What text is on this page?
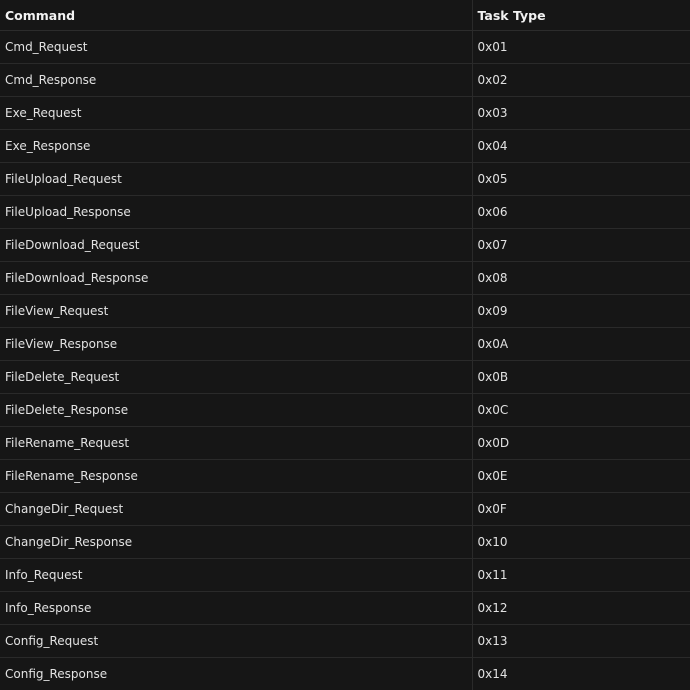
Command	Task Type
Cmd_Request	0x01
Cmd_Response	0x02
Exe_Request	0x03
Exe_Response	0x04
FileUpload_Request	0x05
FileUpload_Response	0x06
FileDownload_Request	0x07
FileDownload_Response	0x08
FileView_Request	0x09
FileView_Response	0x0A
FileDelete_Request	0x0B
FileDelete_Response	0x0C
FileRename_Request	0x0D
FileRename_Response	0x0E
ChangeDir_Request	0x0F
ChangeDir_Response	0x10
Info_Request	0x11
Info_Response	0x12
Config_Request	0x13
Config_Response	0x14
